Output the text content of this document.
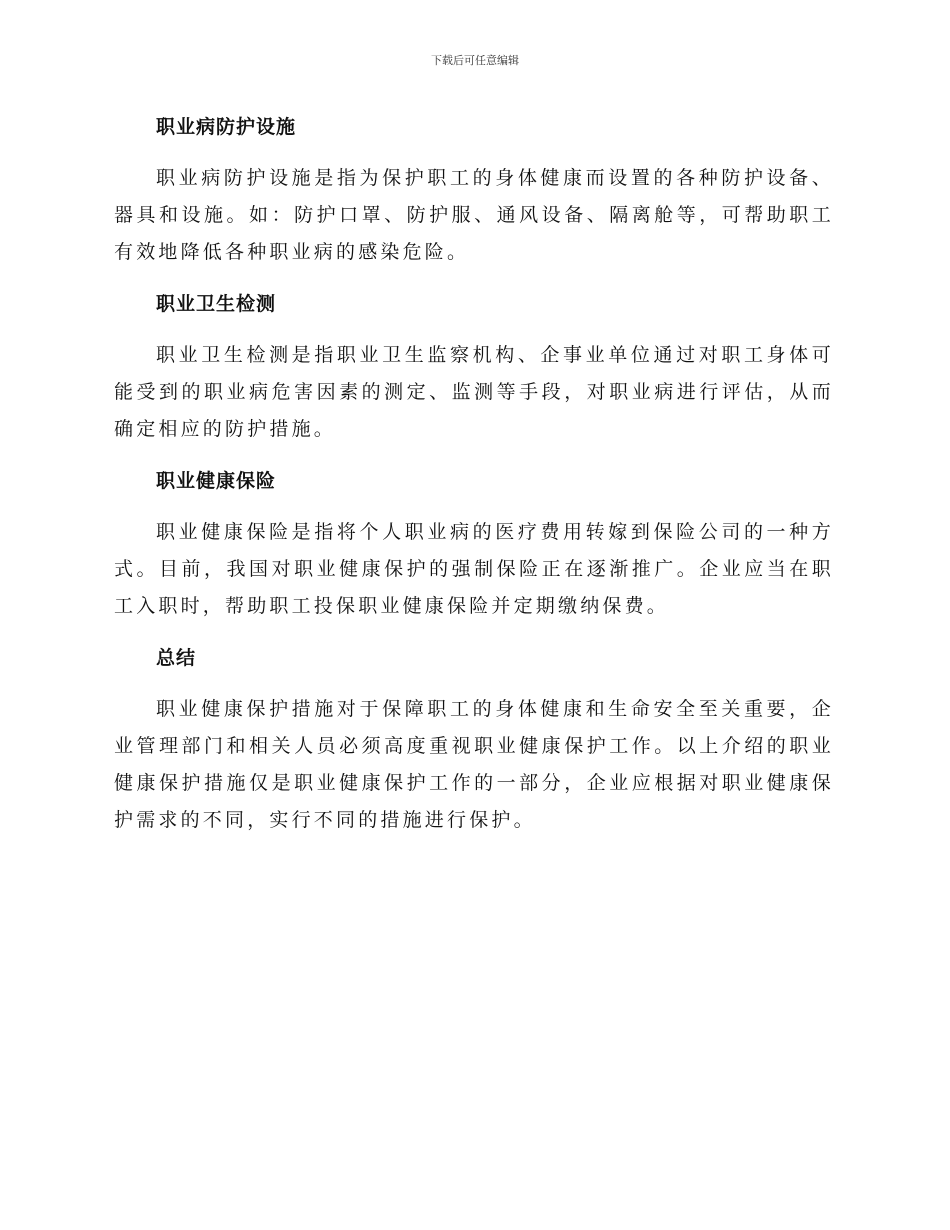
下载后可任意编辑
职业病防护设施

职业病防护设施是指为保护职工的身体健康而设置的各种防护设备、器具和设施。如：防护口罩、防护服、通风设备、隔离舱等，可帮助职工有效地降低各种职业病的感染危险。

职业卫生检测

职业卫生检测是指职业卫生监察机构、企事业单位通过对职工身体可能受到的职业病危害因素的测定、监测等手段，对职业病进行评估，从而确定相应的防护措施。

职业健康保险

职业健康保险是指将个人职业病的医疗费用转嫁到保险公司的一种方式。目前，我国对职业健康保护的强制保险正在逐渐推广。企业应当在职工入职时，帮助职工投保职业健康保险并定期缴纳保费。

总结

职业健康保护措施对于保障职工的身体健康和生命安全至关重要，企业管理部门和相关人员必须高度重视职业健康保护工作。以上介绍的职业健康保护措施仅是职业健康保护工作的一部分，企业应根据对职业健康保护需求的不同，实行不同的措施进行保护。
